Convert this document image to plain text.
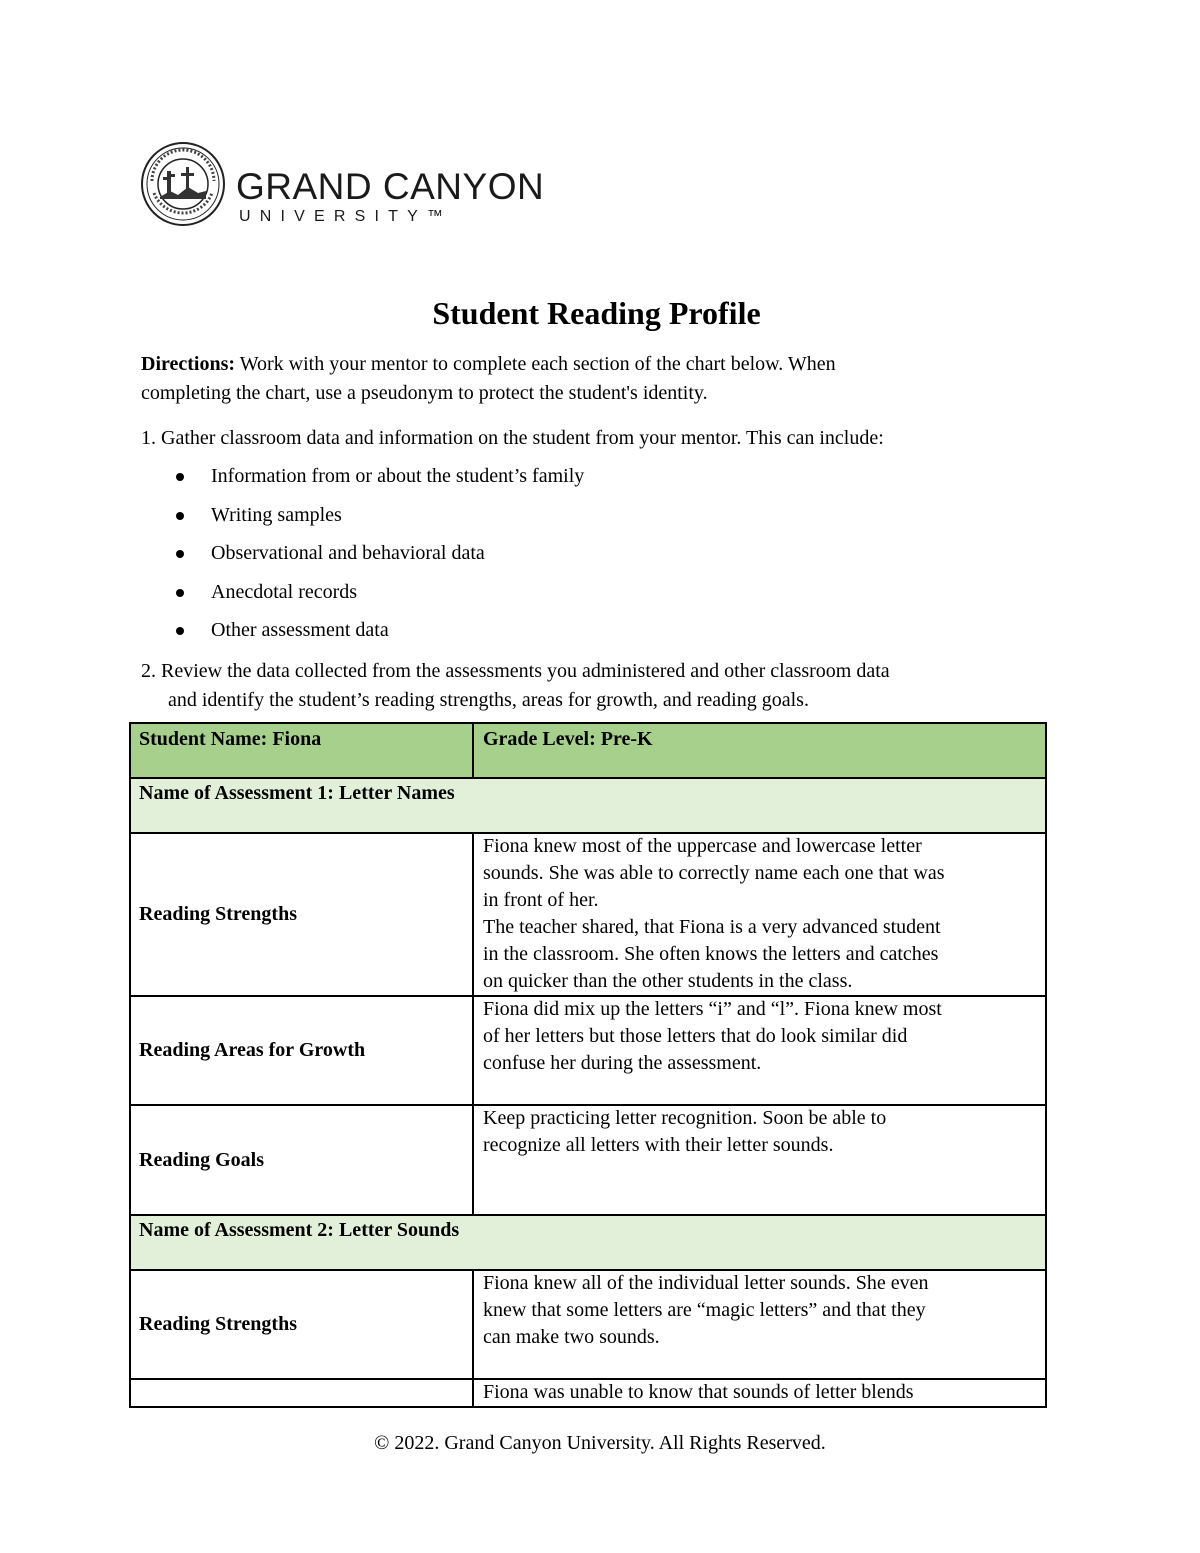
GRAND CANYON
UNIVERSITY™
Student Reading Profile
Directions: Work with your mentor to complete each section of the chart below. When
completing the chart, use a pseudonym to protect the student's identity.
1. Gather classroom data and information on the student from your mentor. This can include:
Information from or about the student’s family
Writing samples
Observational and behavioral data
Anecdotal records
Other assessment data
2. Review the data collected from the assessments you administered and other classroom data
and identify the student’s reading strengths, areas for growth, and reading goals.
Student Name: Fiona	Grade Level: Pre-K
Name of Assessment 1: Letter Names
Reading Strengths
Fiona knew most of the uppercase and lowercase letter
sounds. She was able to correctly name each one that was
in front of her.
The teacher shared, that Fiona is a very advanced student
in the classroom. She often knows the letters and catches
on quicker than the other students in the class.
Reading Areas for Growth
Fiona did mix up the letters “i” and “l”. Fiona knew most
of her letters but those letters that do look similar did
confuse her during the assessment.
Reading Goals
Keep practicing letter recognition. Soon be able to
recognize all letters with their letter sounds.
Name of Assessment 2: Letter Sounds
Reading Strengths
Fiona knew all of the individual letter sounds. She even
knew that some letters are “magic letters” and that they
can make two sounds.
Fiona was unable to know that sounds of letter blends
© 2022. Grand Canyon University. All Rights Reserved.
